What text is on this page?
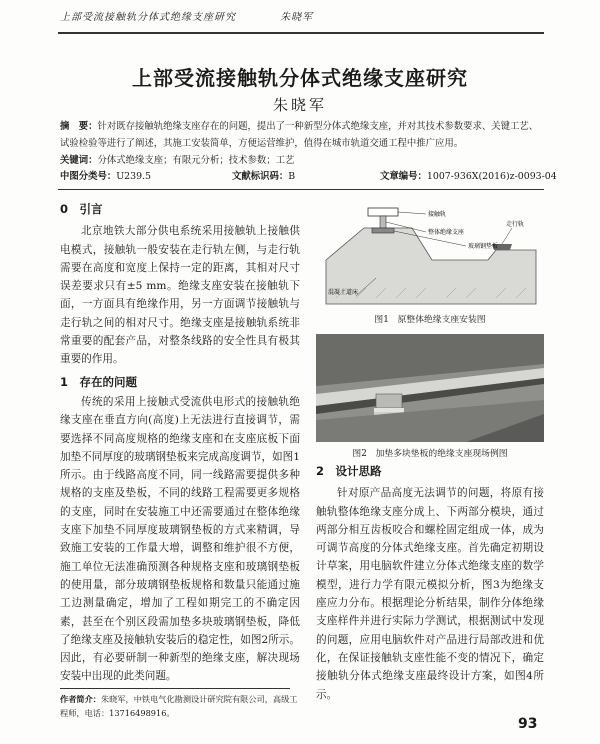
上部受流接触轨分体式绝缘支座研究	朱晓军
上部受流接触轨分体式绝缘支座研究
朱晓军
摘　要：针对既存接触轨绝缘支座存在的问题，提出了一种新型分体式绝缘支座，并对其技术参数要求、关键工艺、试验检验等进行了阐述，其施工安装简单，方便运营维护，值得在城市轨道交通工程中推广应用。
关键词：分体式绝缘支座；有限元分析；技术参数；工艺
中图分类号：U239.5	文献标识码：B	文章编号：1007-936X(2016)z-0093-04
0　引言

北京地铁大部分供电系统采用接触轨上接触供电模式，接触轨一般安装在走行轨左侧，与走行轨需要在高度和宽度上保持一定的距离，其相对尺寸误差要求只有±5 mm。绝缘支座安装在接触轨下面，一方面具有绝缘作用，另一方面调节接触轨与走行轨之间的相对尺寸。绝缘支座是接触轨系统非常重要的配套产品，对整条线路的安全性具有极其重要的作用。

1　存在的问题

传统的采用上接触式受流供电形式的接触轨绝缘支座在垂直方向(高度)上无法进行直接调节，需要选择不同高度规格的绝缘支座和在支座底板下面加垫不同厚度的玻璃钢垫板来完成高度调节，如图1所示。由于线路高度不同，同一线路需要提供多种规格的支座及垫板，不同的线路工程需要更多规格的支座，同时在安装施工中还需要通过在整体绝缘支座下加垫不同厚度玻璃钢垫板的方式来精调，导致施工安装的工作量大增，调整和维护很不方便，施工单位无法准确预测各种规格支座和玻璃钢垫板的使用量，部分玻璃钢垫板规格和数量只能通过施工边测量确定，增加了工程如期完工的不确定因素，甚至在个别区段需加垫多块玻璃钢垫板，降低了绝缘支座及接触轨安装后的稳定性，如图2所示。因此，有必要研制一种新型的绝缘支座，解决现场安装中出现的此类问题。

接触轨
整体绝缘支座
玻璃钢垫板
走行轨
混凝土道床
图1　原整体绝缘支座安装图
图2　加垫多块垫板的绝缘支座现场例图
2　设计思路

针对原产品高度无法调节的问题，将原有接触轨整体绝缘支座分成上、下两部分模块，通过两部分相互齿板咬合和螺栓固定组成一体，成为可调节高度的分体式绝缘支座。首先确定初期设计草案，用电脑软件建立分体式绝缘支座的数学模型，进行力学有限元模拟分析，图3为绝缘支座应力分布。根据理论分析结果，制作分体绝缘支座样件并进行实际力学测试，根据测试中发现的问题，应用电脑软件对产品进行局部改进和优化，在保证接触轨支座性能不变的情况下，确定接触轨分体式绝缘支座最终设计方案，如图4所示。

作者简介：朱晓军，中铁电气化勘测设计研究院有限公司，高级工程师，电话：13716498916。
93
